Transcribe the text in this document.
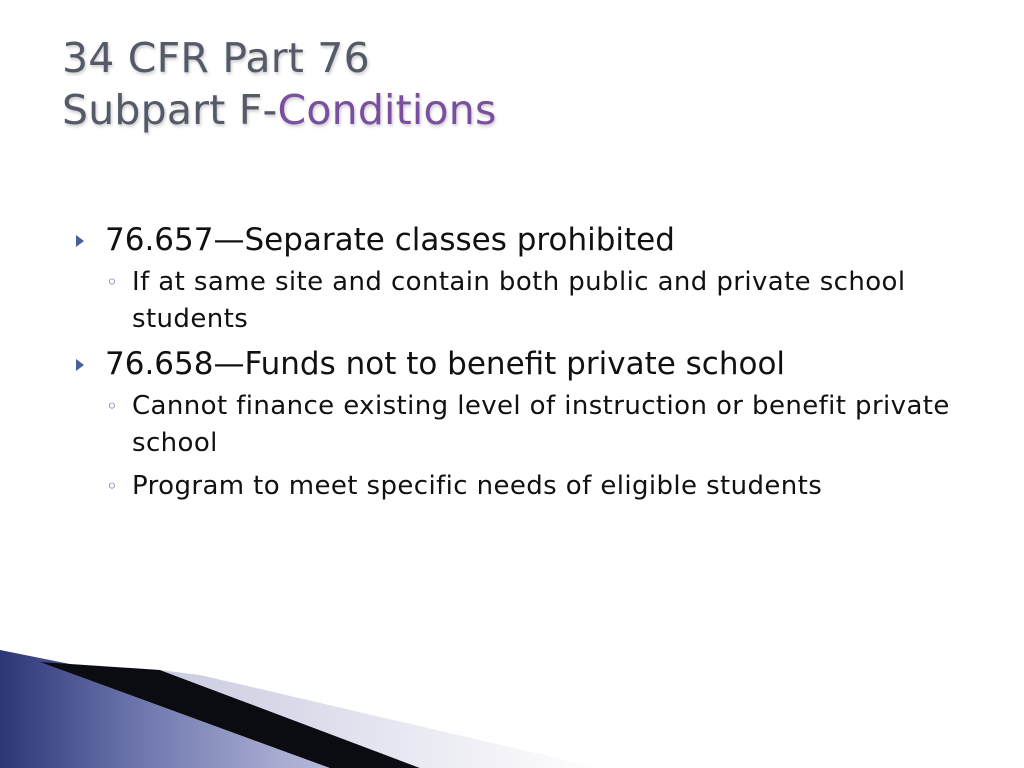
34 CFR Part 76
Subpart F-Conditions
76.657—Separate classes prohibited
◦ If at same site and contain both public and private school students
76.658—Funds not to benefit private school
◦ Cannot finance existing level of instruction or benefit private school
◦ Program to meet specific needs of eligible students
